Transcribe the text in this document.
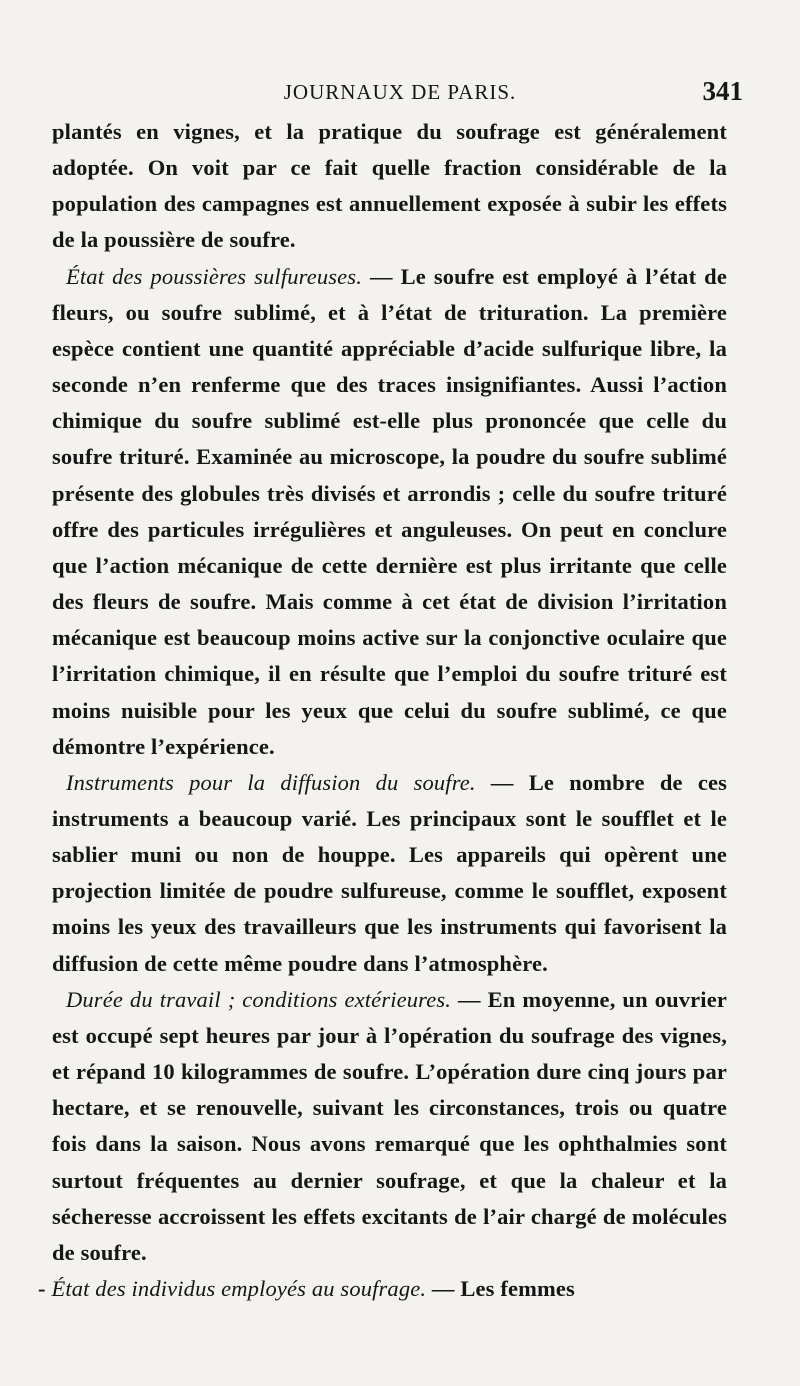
JOURNAUX DE PARIS.	341

plantés en vignes, et la pratique du soufrage est généralement adoptée. On voit par ce fait quelle fraction considérable de la population des campagnes est annuellement exposée à subir les effets de la poussière de soufre.

État des poussières sulfureuses. — Le soufre est employé à l’état de fleurs, ou soufre sublimé, et à l’état de trituration. La première espèce contient une quantité appréciable d’acide sulfurique libre, la seconde n’en renferme que des traces insignifiantes. Aussi l’action chimique du soufre sublimé est-elle plus prononcée que celle du soufre trituré. Examinée au microscope, la poudre du soufre sublimé présente des globules très divisés et arrondis ; celle du soufre trituré offre des particules irrégulières et anguleuses. On peut en conclure que l’action mécanique de cette dernière est plus irritante que celle des fleurs de soufre. Mais comme à cet état de division l’irritation mécanique est beaucoup moins active sur la conjonctive oculaire que l’irritation chimique, il en résulte que l’emploi du soufre trituré est moins nuisible pour les yeux que celui du soufre sublimé, ce que démontre l’expérience.

Instruments pour la diffusion du soufre. — Le nombre de ces instruments a beaucoup varié. Les principaux sont le soufflet et le sablier muni ou non de houppe. Les appareils qui opèrent une projection limitée de poudre sulfureuse, comme le soufflet, exposent moins les yeux des travailleurs que les instruments qui favorisent la diffusion de cette même poudre dans l’atmosphère.

Durée du travail ; conditions extérieures. — En moyenne, un ouvrier est occupé sept heures par jour à l’opération du soufrage des vignes, et répand 10 kilogrammes de soufre. L’opération dure cinq jours par hectare, et se renouvelle, suivant les circonstances, trois ou quatre fois dans la saison. Nous avons remarqué que les ophthalmies sont surtout fréquentes au dernier soufrage, et que la chaleur et la sécheresse accroissent les effets excitants de l’air chargé de molécules de soufre.

- État des individus employés au soufrage. — Les femmes
